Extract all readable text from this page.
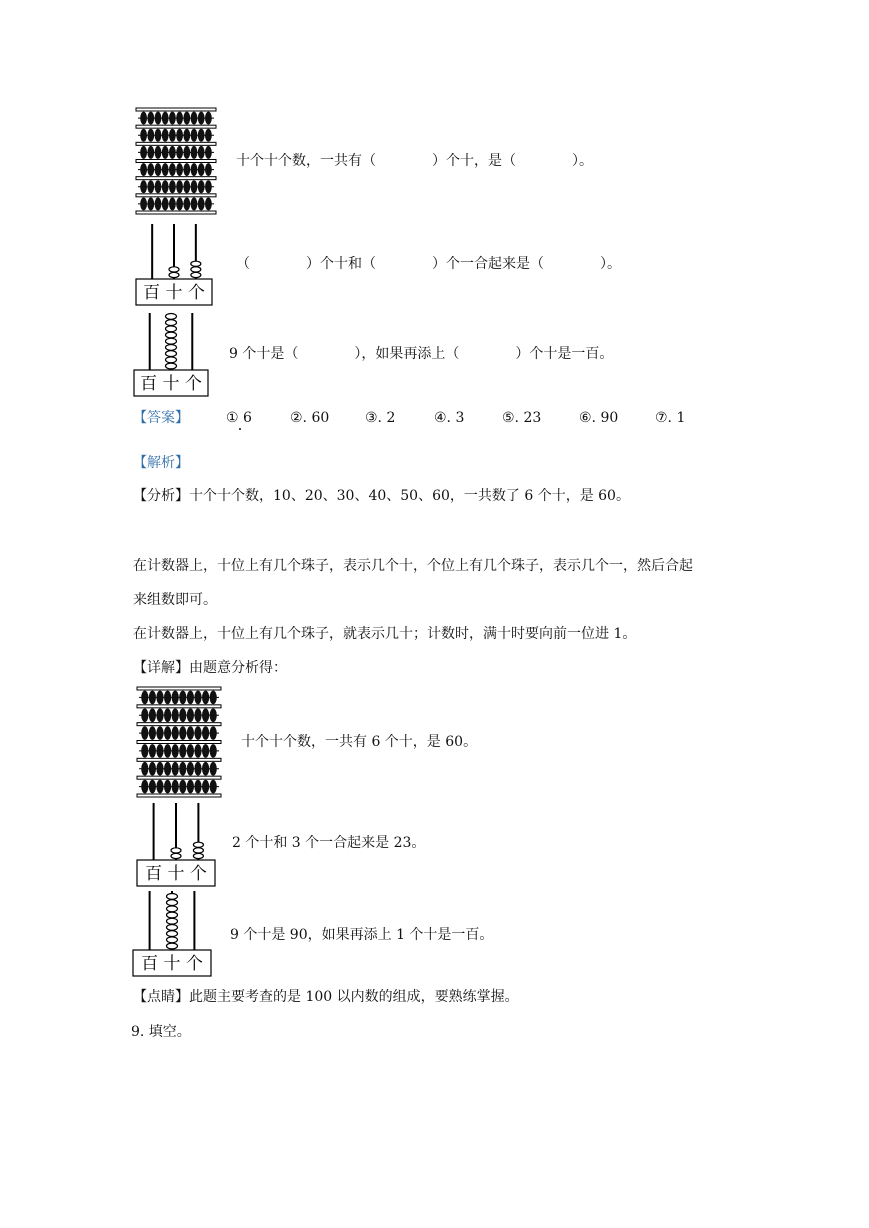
十个十个数，一共有（　　　　）个十，是（　　　　）。
百 十 个
（　　　　）个十和（　　　　）个一合起来是（　　　　）。
百 十 个
9 个十是（　　　　），如果再添上（　　　　）个十是一百。
【答案】	① 6	②. 60	③. 2	④. 3	⑤. 23	⑥. 90	⑦. 1
【解析】
【分析】十个十个数，10、20、30、40、50、60，一共数了 6 个十，是 60。
在计数器上，十位上有几个珠子，表示几个十，个位上有几个珠子，表示几个一，然后合起
来组数即可。
在计数器上，十位上有几个珠子，就表示几十；计数时，满十时要向前一位进 1。
【详解】由题意分析得：
十个十个数，一共有 6 个十，是 60。
百 十 个
2 个十和 3 个一合起来是 23。
百 十 个
9 个十是 90，如果再添上 1 个十是一百。
【点睛】此题主要考查的是 100 以内数的组成，要熟练掌握。
9. 填空。
